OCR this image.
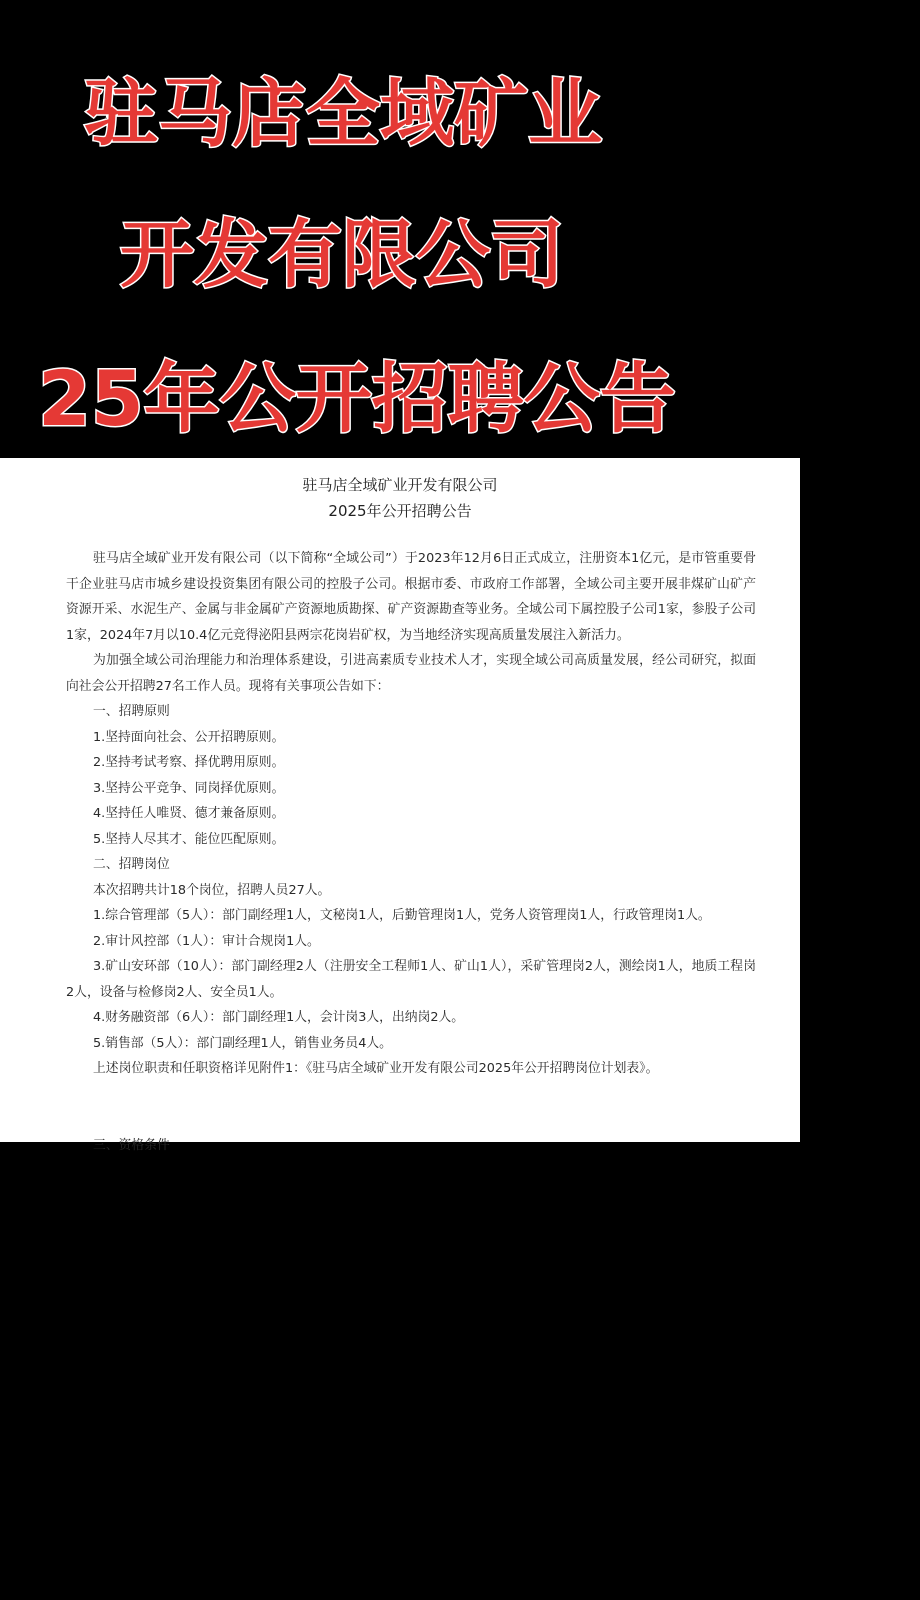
驻马店全域矿业
开发有限公司
25年公开招聘公告
驻马店全域矿业开发有限公司
2025年公开招聘公告

驻马店全域矿业开发有限公司（以下简称“全域公司”）于2023年12月6日正式成立，注册资本1亿元，是市管重要骨干企业驻马店市城乡建设投资集团有限公司的控股子公司。根据市委、市政府工作部署，全域公司主要开展非煤矿山矿产资源开采、水泥生产、金属与非金属矿产资源地质勘探、矿产资源勘查等业务。全域公司下属控股子公司1家，参股子公司1家，2024年7月以10.4亿元竞得泌阳县两宗花岗岩矿权，为当地经济实现高质量发展注入新活力。

为加强全域公司治理能力和治理体系建设，引进高素质专业技术人才，实现全域公司高质量发展，经公司研究，拟面向社会公开招聘27名工作人员。现将有关事项公告如下：

一、招聘原则

1.坚持面向社会、公开招聘原则。

2.坚持考试考察、择优聘用原则。

3.坚持公平竞争、同岗择优原则。

4.坚持任人唯贤、德才兼备原则。

5.坚持人尽其才、能位匹配原则。

二、招聘岗位

本次招聘共计18个岗位，招聘人员27人。

1.综合管理部（5人）：部门副经理1人，文秘岗1人，后勤管理岗1人，党务人资管理岗1人，行政管理岗1人。

2.审计风控部（1人）：审计合规岗1人。

3.矿山安环部（10人）：部门副经理2人（注册安全工程师1人、矿山1人），采矿管理岗2人，测绘岗1人，地质工程岗2人，设备与检修岗2人、安全员1人。

4.财务融资部（6人）：部门副经理1人，会计岗3人，出纳岗2人。

5.销售部（5人）：部门副经理1人，销售业务员4人。

上述岗位职责和任职资格详见附件1：《驻马店全域矿业开发有限公司2025年公开招聘岗位计划表》。

三、资格条件
